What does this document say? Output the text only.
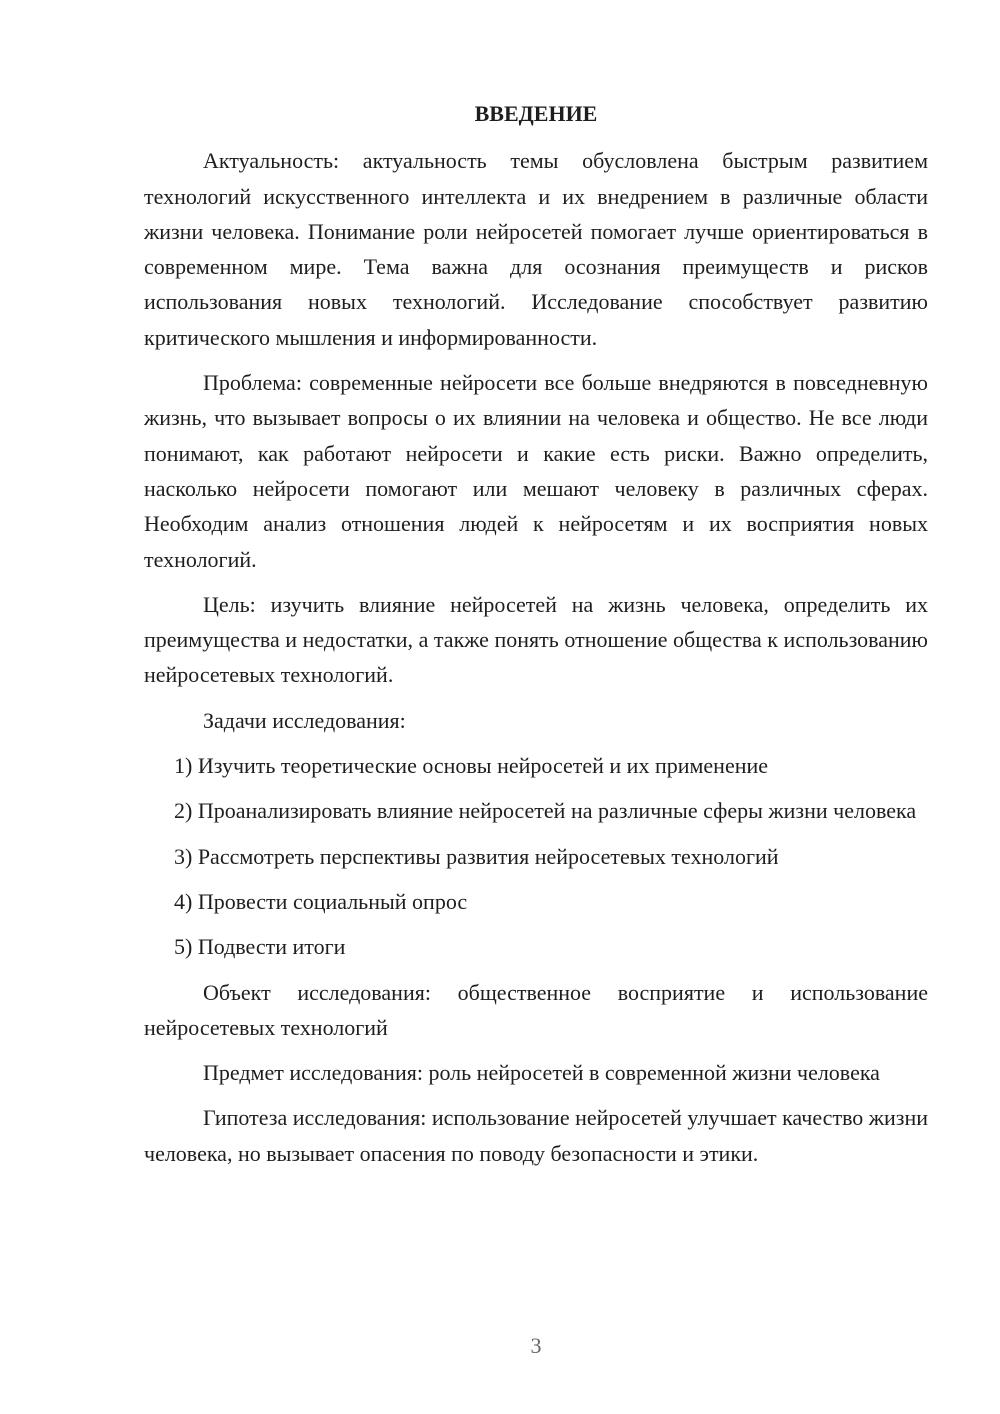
ВВЕДЕНИЕ

Актуальность: актуальность темы обусловлена быстрым развитием технологий искусственного интеллекта и их внедрением в различные области жизни человека. Понимание роли нейросетей помогает лучше ориентироваться в современном мире. Тема важна для осознания преимуществ и рисков использования новых технологий. Исследование способствует развитию критического мышления и информированности.

Проблема: современные нейросети все больше внедряются в повседневную жизнь, что вызывает вопросы о их влиянии на человека и общество. Не все люди понимают, как работают нейросети и какие есть риски. Важно определить, насколько нейросети помогают или мешают человеку в различных сферах. Необходим анализ отношения людей к нейросетям и их восприятия новых технологий.

Цель: изучить влияние нейросетей на жизнь человека, определить их преимущества и недостатки, а также понять отношение общества к использованию нейросетевых технологий.

Задачи исследования:

1) Изучить теоретические основы нейросетей и их применение

2) Проанализировать влияние нейросетей на различные сферы жизни человека

3) Рассмотреть перспективы развития нейросетевых технологий

4) Провести социальный опрос

5) Подвести итоги

Объект исследования: общественное восприятие и использование нейросетевых технологий

Предмет исследования: роль нейросетей в современной жизни человека

Гипотеза исследования: использование нейросетей улучшает качество жизни человека, но вызывает опасения по поводу безопасности и этики.

3
